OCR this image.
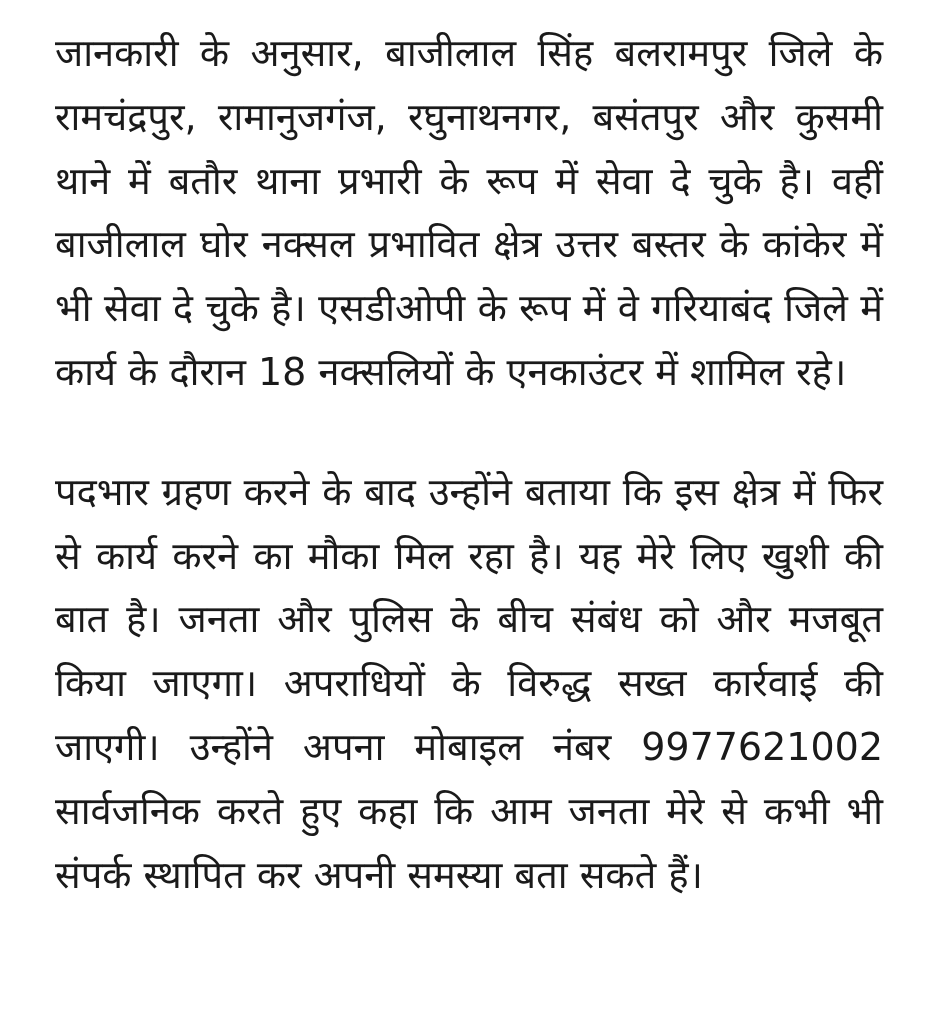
जानकारी के अनुसार, बाजीलाल सिंह बलरामपुर जिले के रामचंद्रपुर, रामानुजगंज, रघुनाथनगर, बसंतपुर और कुसमी थाने में बतौर थाना प्रभारी के रूप में सेवा दे चुके है। वहीं बाजीलाल घोर नक्सल प्रभावित क्षेत्र उत्तर बस्तर के कांकेर में भी सेवा दे चुके है। एसडीओपी के रूप में वे गरियाबंद जिले में कार्य के दौरान 18 नक्सलियों के एनकाउंटर में शामिल रहे।

पदभार ग्रहण करने के बाद उन्होंने बताया कि इस क्षेत्र में फिर से कार्य करने का मौका मिल रहा है। यह मेरे लिए खुशी की बात है। जनता और पुलिस के बीच संबंध को और मजबूत किया जाएगा। अपराधियों के विरुद्ध सख्त कार्रवाई की जाएगी। उन्होंने अपना मोबाइल नंबर 9977621002 सार्वजनिक करते हुए कहा कि आम जनता मेरे से कभी भी संपर्क स्थापित कर अपनी समस्या बता सकते हैं।
